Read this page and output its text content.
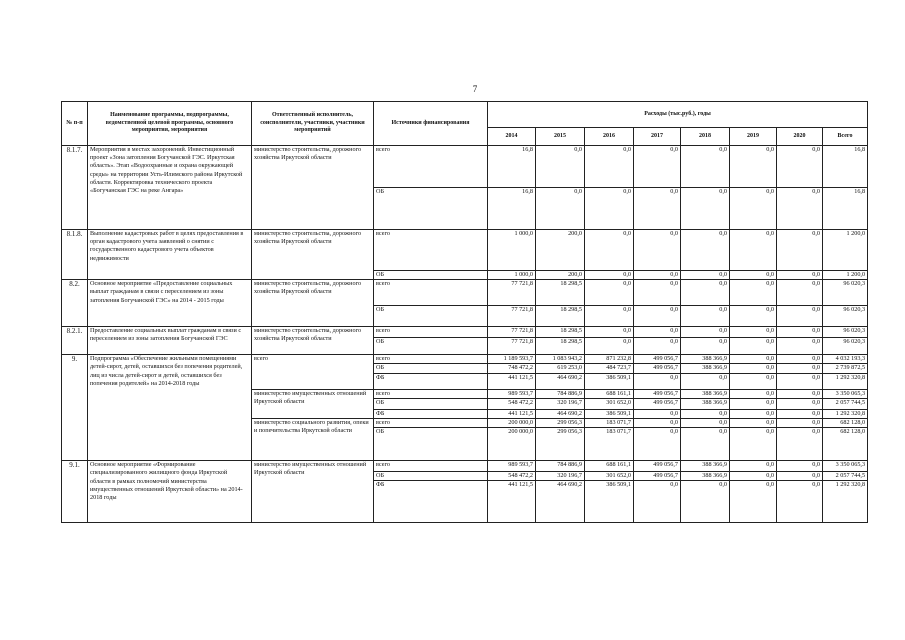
7
№ п-п	Наименование программы, подпрограммы, ведомственной целевой программы, основного мероприятия, мероприятия	Ответственный исполнитель, соисполнители, участники, участники мероприятий	Источники финансирования	Расходы (тыс.руб.), годы							
				2014	2015	2016	2017	2018	2019	2020	Всего
8.1.7.	Мероприятия в местах захоронений. Инвестиционный проект «Зона затопления Богучанской ГЭС. Иркутская область». Этап «Водоохранные и охрана окружающей среды» на территории Усть-Илимского района Иркутской области. Корректировка технического проекта «Богучанская ГЭС на реке Ангара»	министерство строительства, дорожного хозяйства Иркутской области	всего	16,8	0,0	0,0	0,0	0,0	0,0	0,0	16,8
			ОБ	16,8	0,0	0,0	0,0	0,0	0,0	0,0	16,8
8.1.8.	Выполнение кадастровых работ в целях предоставления в орган кадастрового учета заявлений о снятии с государственного кадастрового учета объектов недвижимости	министерство строительства, дорожного хозяйства Иркутской области	всего	1 000,0	200,0	0,0	0,0	0,0	0,0	0,0	1 200,0
			ОБ	1 000,0	200,0	0,0	0,0	0,0	0,0	0,0	1 200,0
8.2.	Основное мероприятие «Предоставление социальных выплат гражданам в связи с переселением из зоны затопления Богучанской ГЭС» на 2014 - 2015 годы	министерство строительства, дорожного хозяйства Иркутской области	всего	77 721,8	18 298,5	0,0	0,0	0,0	0,0	0,0	96 020,3
			ОБ	77 721,8	18 298,5	0,0	0,0	0,0	0,0	0,0	96 020,3
8.2.1.	Предоставление социальных выплат гражданам в связи с переселением из зоны затопления Богучанской ГЭС	министерство строительства, дорожного хозяйства Иркутской области	всего	77 721,8	18 298,5	0,0	0,0	0,0	0,0	0,0	96 020,3
			ОБ	77 721,8	18 298,5	0,0	0,0	0,0	0,0	0,0	96 020,3
9.	Подпрограмма «Обеспечение жильными помещениями детей-сирот, детей, оставшихся без попечения родителей, лиц из числа детей-сирот и детей, оставшихся без попечения родителей» на 2014-2018 годы	всего	всего	1 189 593,7	1 083 943,2	871 232,8	499 056,7	388 366,9	0,0	0,0	4 032 193,3
			ОБ	748 472,2	619 253,0	484 723,7	499 056,7	388 366,9	0,0	0,0	2 739 872,5
			ФБ	441 121,5	464 690,2	386 509,1	0,0	0,0	0,0	0,0	1 292 320,8
		министерство имущественных отношений Иркутской области	всего	989 593,7	784 886,9	688 161,1	499 056,7	388 366,9	0,0	0,0	3 350 065,3
			ОБ	548 472,2	320 196,7	301 652,0	499 056,7	388 366,9	0,0	0,0	2 057 744,5
			ФБ	441 121,5	464 690,2	386 509,1	0,0	0,0	0,0	0,0	1 292 320,8
		министерство социального развития, опеки и попечительства Иркутской области	всего	200 000,0	299 056,3	183 071,7	0,0	0,0	0,0	0,0	682 128,0
			ОБ	200 000,0	299 056,3	183 071,7	0,0	0,0	0,0	0,0	682 128,0
9.1.	Основное мероприятие «Формирование специализированного жилищного фонда Иркутской области в рамках полномочий министерства имущественных отношений Иркутской области» на 2014-2018 годы	министерство имущественных отношений Иркутской области	всего	989 593,7	784 886,9	688 161,1	499 056,7	388 366,9	0,0	0,0	3 350 065,3
			ОБ	548 472,2	320 196,7	301 652,0	499 056,7	388 366,9	0,0	0,0	2 057 744,5
			ФБ	441 121,5	464 690,2	386 509,1	0,0	0,0	0,0	0,0	1 292 320,8
